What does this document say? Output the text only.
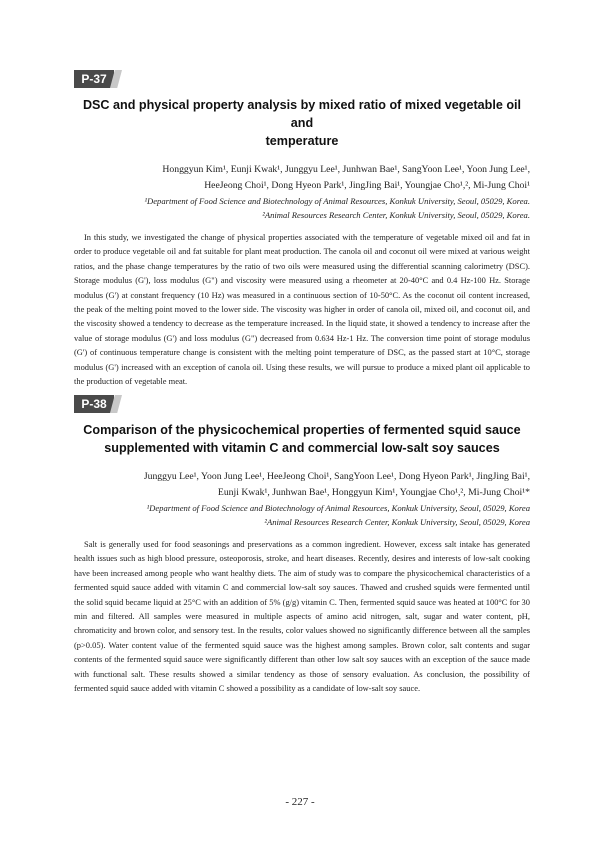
P-37
DSC and physical property analysis by mixed ratio of mixed vegetable oil and
temperature

Honggyun Kim¹, Eunji Kwak¹, Junggyu Lee¹, Junhwan Bae¹, SangYoon Lee¹, Yoon Jung Lee¹,
HeeJeong Choi¹, Dong Hyeon Park¹, JingJing Bai¹, Youngjae Cho¹,², Mi-Jung Choi¹

¹Department of Food Science and Biotechnology of Animal Resources, Konkuk University, Seoul, 05029, Korea.
²Animal Resources Research Center, Konkuk University, Seoul, 05029, Korea.

In this study, we investigated the change of physical properties associated with the temperature of vegetable mixed oil and fat in order to produce vegetable oil and fat suitable for plant meat production. The canola oil and coconut oil were mixed at various weight ratios, and the phase change temperatures by the ratio of two oils were measured using the differential scanning calorimetry (DSC). Storage modulus (G'), loss modulus (G") and viscosity were measured using a rheometer at 20-40°C and 0.4 Hz-100 Hz. Storage modulus (G') at constant frequency (10 Hz) was measured in a continuous section of 10-50°C. As the coconut oil content increased, the peak of the melting point moved to the lower side. The viscosity was higher in order of canola oil, mixed oil, and coconut oil, and the viscosity showed a tendency to decrease as the temperature increased. In the liquid state, it showed a tendency to increase after the value of storage modulus (G') and loss modulus (G") decreased from 0.634 Hz-1 Hz. The conversion time point of storage modulus (G') of continuous temperature change is consistent with the melting point temperature of DSC, as the passed start at 10°C, storage modulus (G') increased with an exception of canola oil. Using these results, we will pursue to produce a mixed plant oil applicable to the production of vegetable meat.

P-38
Comparison of the physicochemical properties of fermented squid sauce
supplemented with vitamin C and commercial low-salt soy sauces

Junggyu Lee¹, Yoon Jung Lee¹, HeeJeong Choi¹, SangYoon Lee¹, Dong Hyeon Park¹, JingJing Bai¹,
Eunji Kwak¹, Junhwan Bae¹, Honggyun Kim¹, Youngjae Cho¹,², Mi-Jung Choi¹*

¹Department of Food Science and Biotechnology of Animal Resources, Konkuk University, Seoul, 05029, Korea
²Animal Resources Research Center, Konkuk University, Seoul, 05029, Korea

Salt is generally used for food seasonings and preservations as a common ingredient. However, excess salt intake has generated health issues such as high blood pressure, osteoporosis, stroke, and heart diseases. Recently, desires and interests of low-salt cooking have been increased among people who want healthy diets. The aim of study was to compare the physicochemical characteristics of a fermented squid sauce added with vitamin C and commercial low-salt soy sauces. Thawed and crushed squids were fermented until the solid squid became liquid at 25°C with an addition of 5% (g/g) vitamin C. Then, fermented squid sauce was heated at 100°C for 30 min and filtered. All samples were measured in multiple aspects of amino acid nitrogen, salt, sugar and water content, pH, chromaticity and brown color, and sensory test. In the results, color values showed no significantly difference between all the samples (p>0.05). Water content value of the fermented squid sauce was the highest among samples. Brown color, salt contents and sugar contents of the fermented squid sauce were significantly different than other low salt soy sauces with an exception of the sauce made with functional salt. These results showed a similar tendency as those of sensory evaluation. As conclusion, the possibility of fermented squid sauce added with vitamin C showed a possibility as a candidate of low-salt soy sauce.

- 227 -
